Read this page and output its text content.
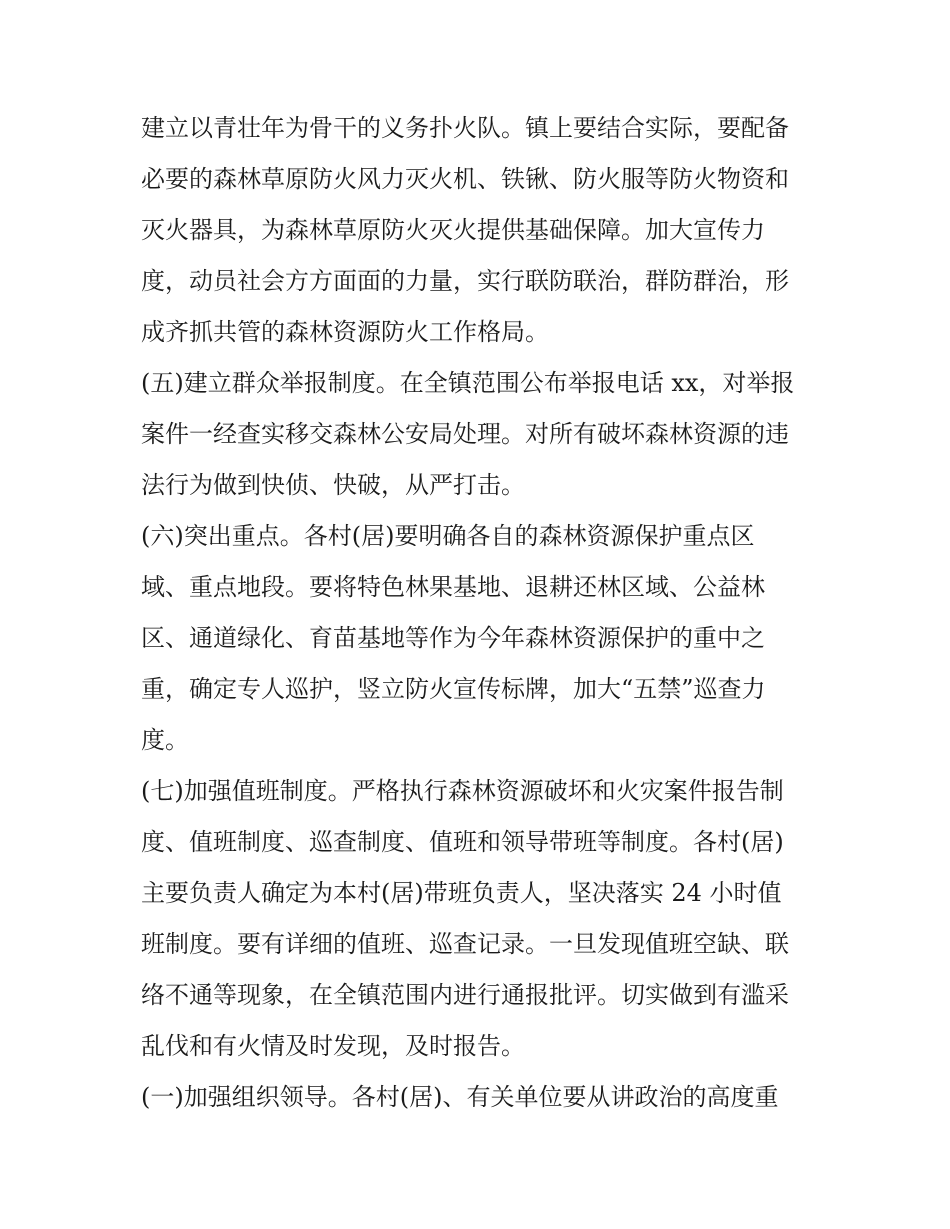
建立以青壮年为骨干的义务扑火队。镇上要结合实际，要配备
必要的森林草原防火风力灭火机、铁锹、防火服等防火物资和
灭火器具，为森林草原防火灭火提供基础保障。加大宣传力
度，动员社会方方面面的力量，实行联防联治，群防群治，形
成齐抓共管的森林资源防火工作格局。
(五)建立群众举报制度。在全镇范围公布举报电话 xx，对举报
案件一经查实移交森林公安局处理。对所有破坏森林资源的违
法行为做到快侦、快破，从严打击。
(六)突出重点。各村(居)要明确各自的森林资源保护重点区
域、重点地段。要将特色林果基地、退耕还林区域、公益林
区、通道绿化、育苗基地等作为今年森林资源保护的重中之
重，确定专人巡护，竖立防火宣传标牌，加大“五禁”巡查力
度。
(七)加强值班制度。严格执行森林资源破坏和火灾案件报告制
度、值班制度、巡查制度、值班和领导带班等制度。各村(居)
主要负责人确定为本村(居)带班负责人，坚决落实 24 小时值
班制度。要有详细的值班、巡查记录。一旦发现值班空缺、联
络不通等现象，在全镇范围内进行通报批评。切实做到有滥采
乱伐和有火情及时发现，及时报告。
(一)加强组织领导。各村(居)、有关单位要从讲政治的高度重
